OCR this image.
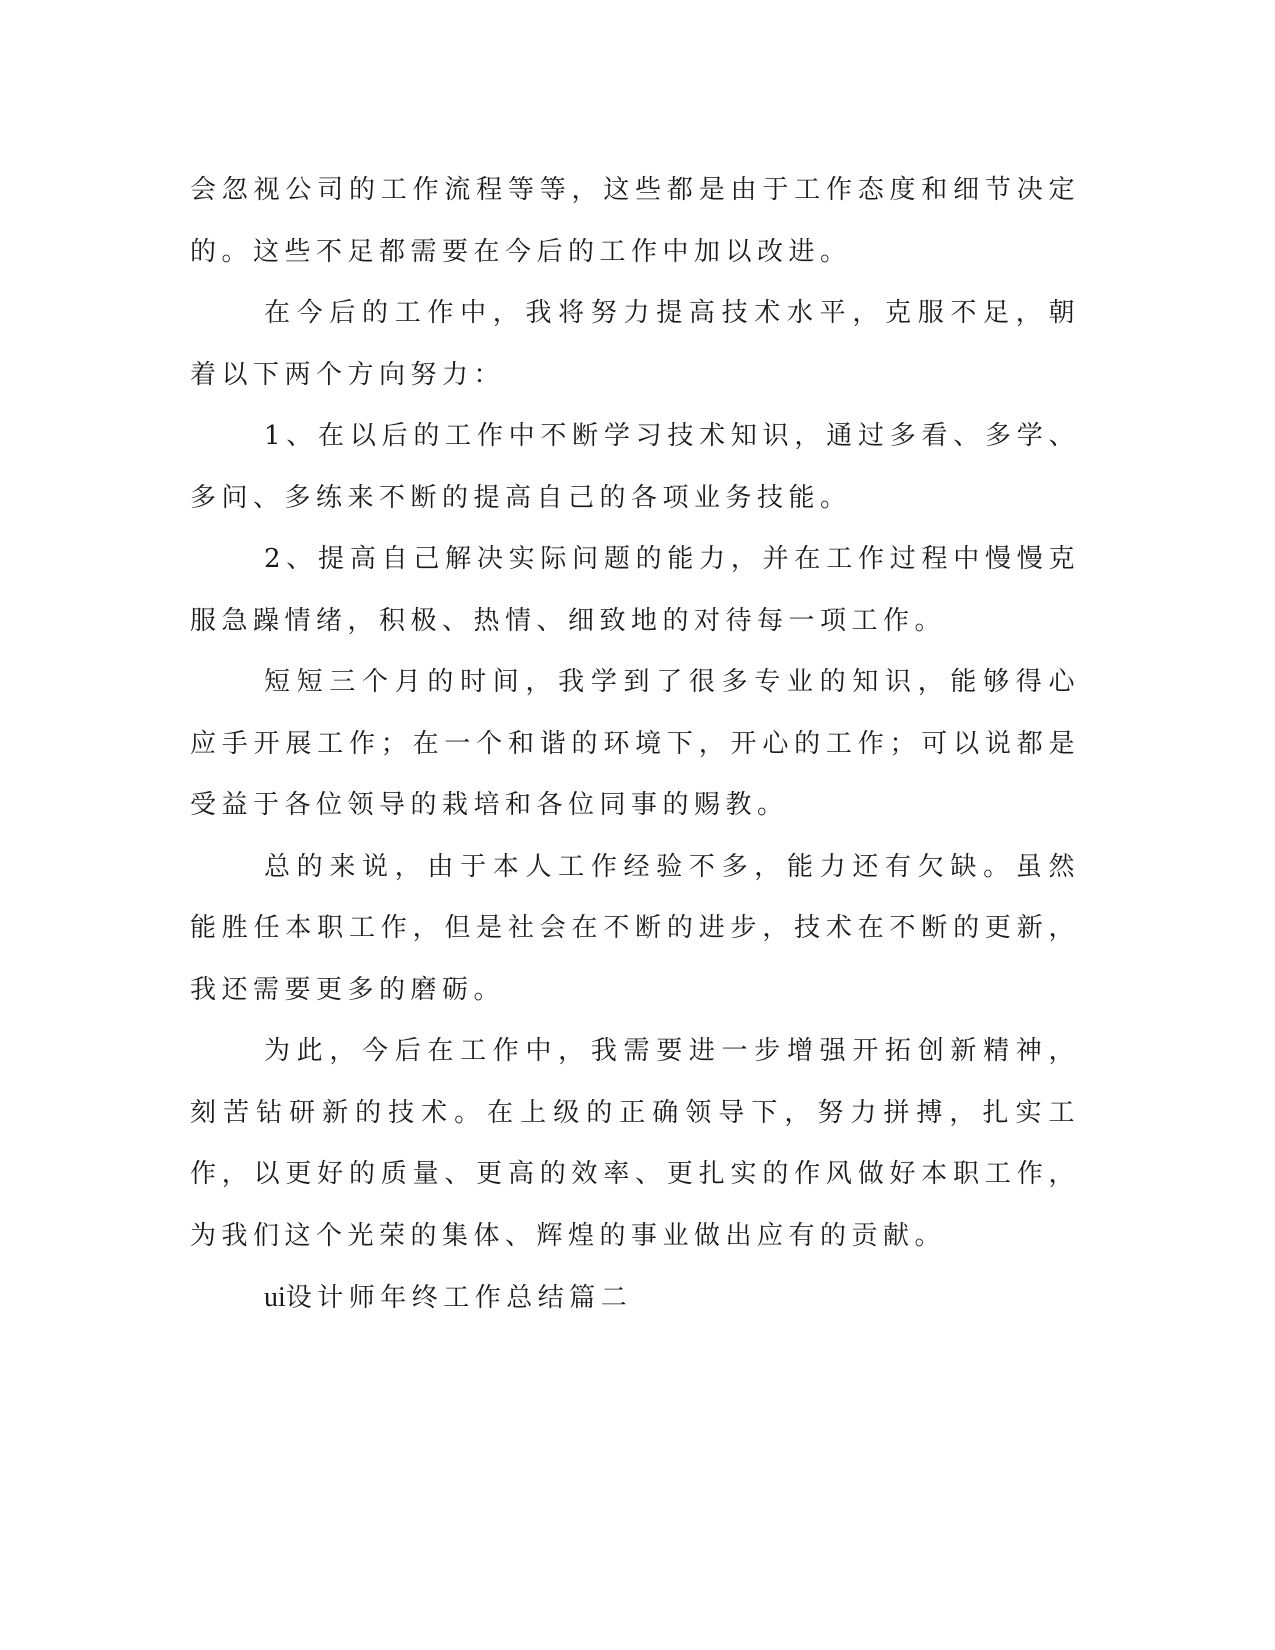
会忽视公司的工作流程等等，这些都是由于工作态度和细节决定的。这些不足都需要在今后的工作中加以改进。

在今后的工作中，我将努力提高技术水平，克服不足，朝着以下两个方向努力：

1、在以后的工作中不断学习技术知识，通过多看、多学、多问、多练来不断的提高自己的各项业务技能。

2、提高自己解决实际问题的能力，并在工作过程中慢慢克服急躁情绪，积极、热情、细致地的对待每一项工作。

短短三个月的时间，我学到了很多专业的知识，能够得心应手开展工作；在一个和谐的环境下，开心的工作；可以说都是受益于各位领导的栽培和各位同事的赐教。

总的来说，由于本人工作经验不多，能力还有欠缺。虽然能胜任本职工作，但是社会在不断的进步，技术在不断的更新，我还需要更多的磨砺。

为此，今后在工作中，我需要进一步增强开拓创新精神，刻苦钻研新的技术。在上级的正确领导下，努力拼搏，扎实工作，以更好的质量、更高的效率、更扎实的作风做好本职工作，为我们这个光荣的集体、辉煌的事业做出应有的贡献。

ui设计师年终工作总结篇二
